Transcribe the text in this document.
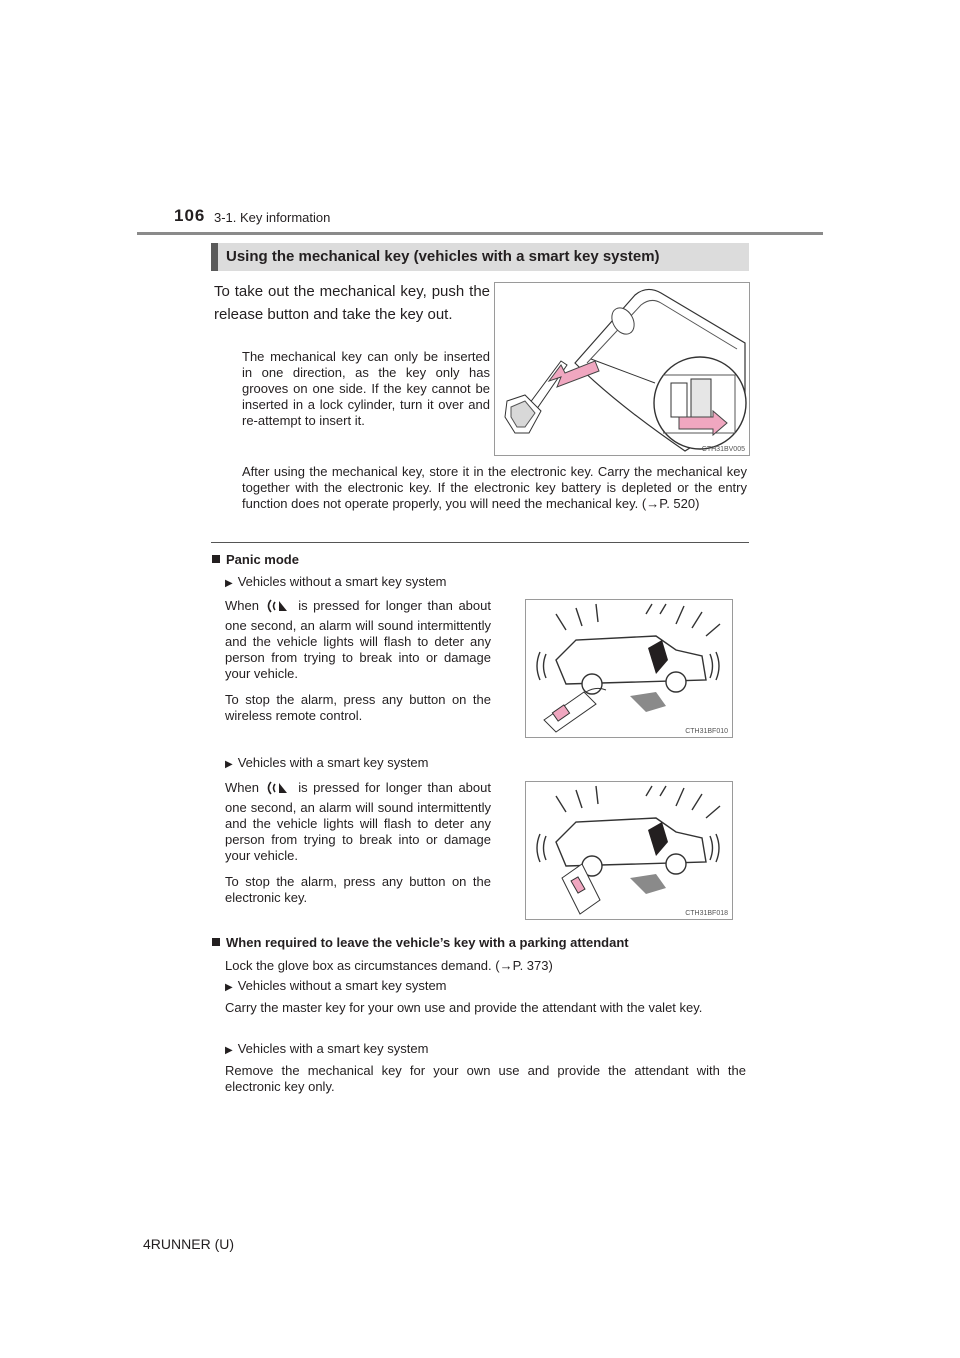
106 3-1. Key information
Using the mechanical key (vehicles with a smart key system)
To take out the mechanical key, push the release button and take the key out.
The mechanical key can only be inserted in one direction, as the key only has grooves on one side. If the key cannot be inserted in a lock cylinder, turn it over and re-attempt to insert it.
After using the mechanical key, store it in the electronic key. Carry the mechanical key together with the electronic key. If the electronic key battery is depleted or the entry function does not operate properly, you will need the mechanical key. (→P. 520)
CTH31BV005
Panic mode
▶ Vehicles without a smart key system
When	is pressed for longer than about one second, an alarm will sound intermittently and the vehicle lights will flash to deter any person from trying to break into or damage your vehicle.
To stop the alarm, press any button on the wireless remote control.
CTH31BF010
▶ Vehicles with a smart key system
When	is pressed for longer than about one second, an alarm will sound intermittently and the vehicle lights will flash to deter any person from trying to break into or damage your vehicle.
To stop the alarm, press any button on the electronic key.
CTH31BF018
When required to leave the vehicle’s key with a parking attendant
Lock the glove box as circumstances demand. (→P. 373)
▶ Vehicles without a smart key system
Carry the master key for your own use and provide the attendant with the valet key.
▶ Vehicles with a smart key system
Remove the mechanical key for your own use and provide the attendant with the electronic key only.
4RUNNER (U)
